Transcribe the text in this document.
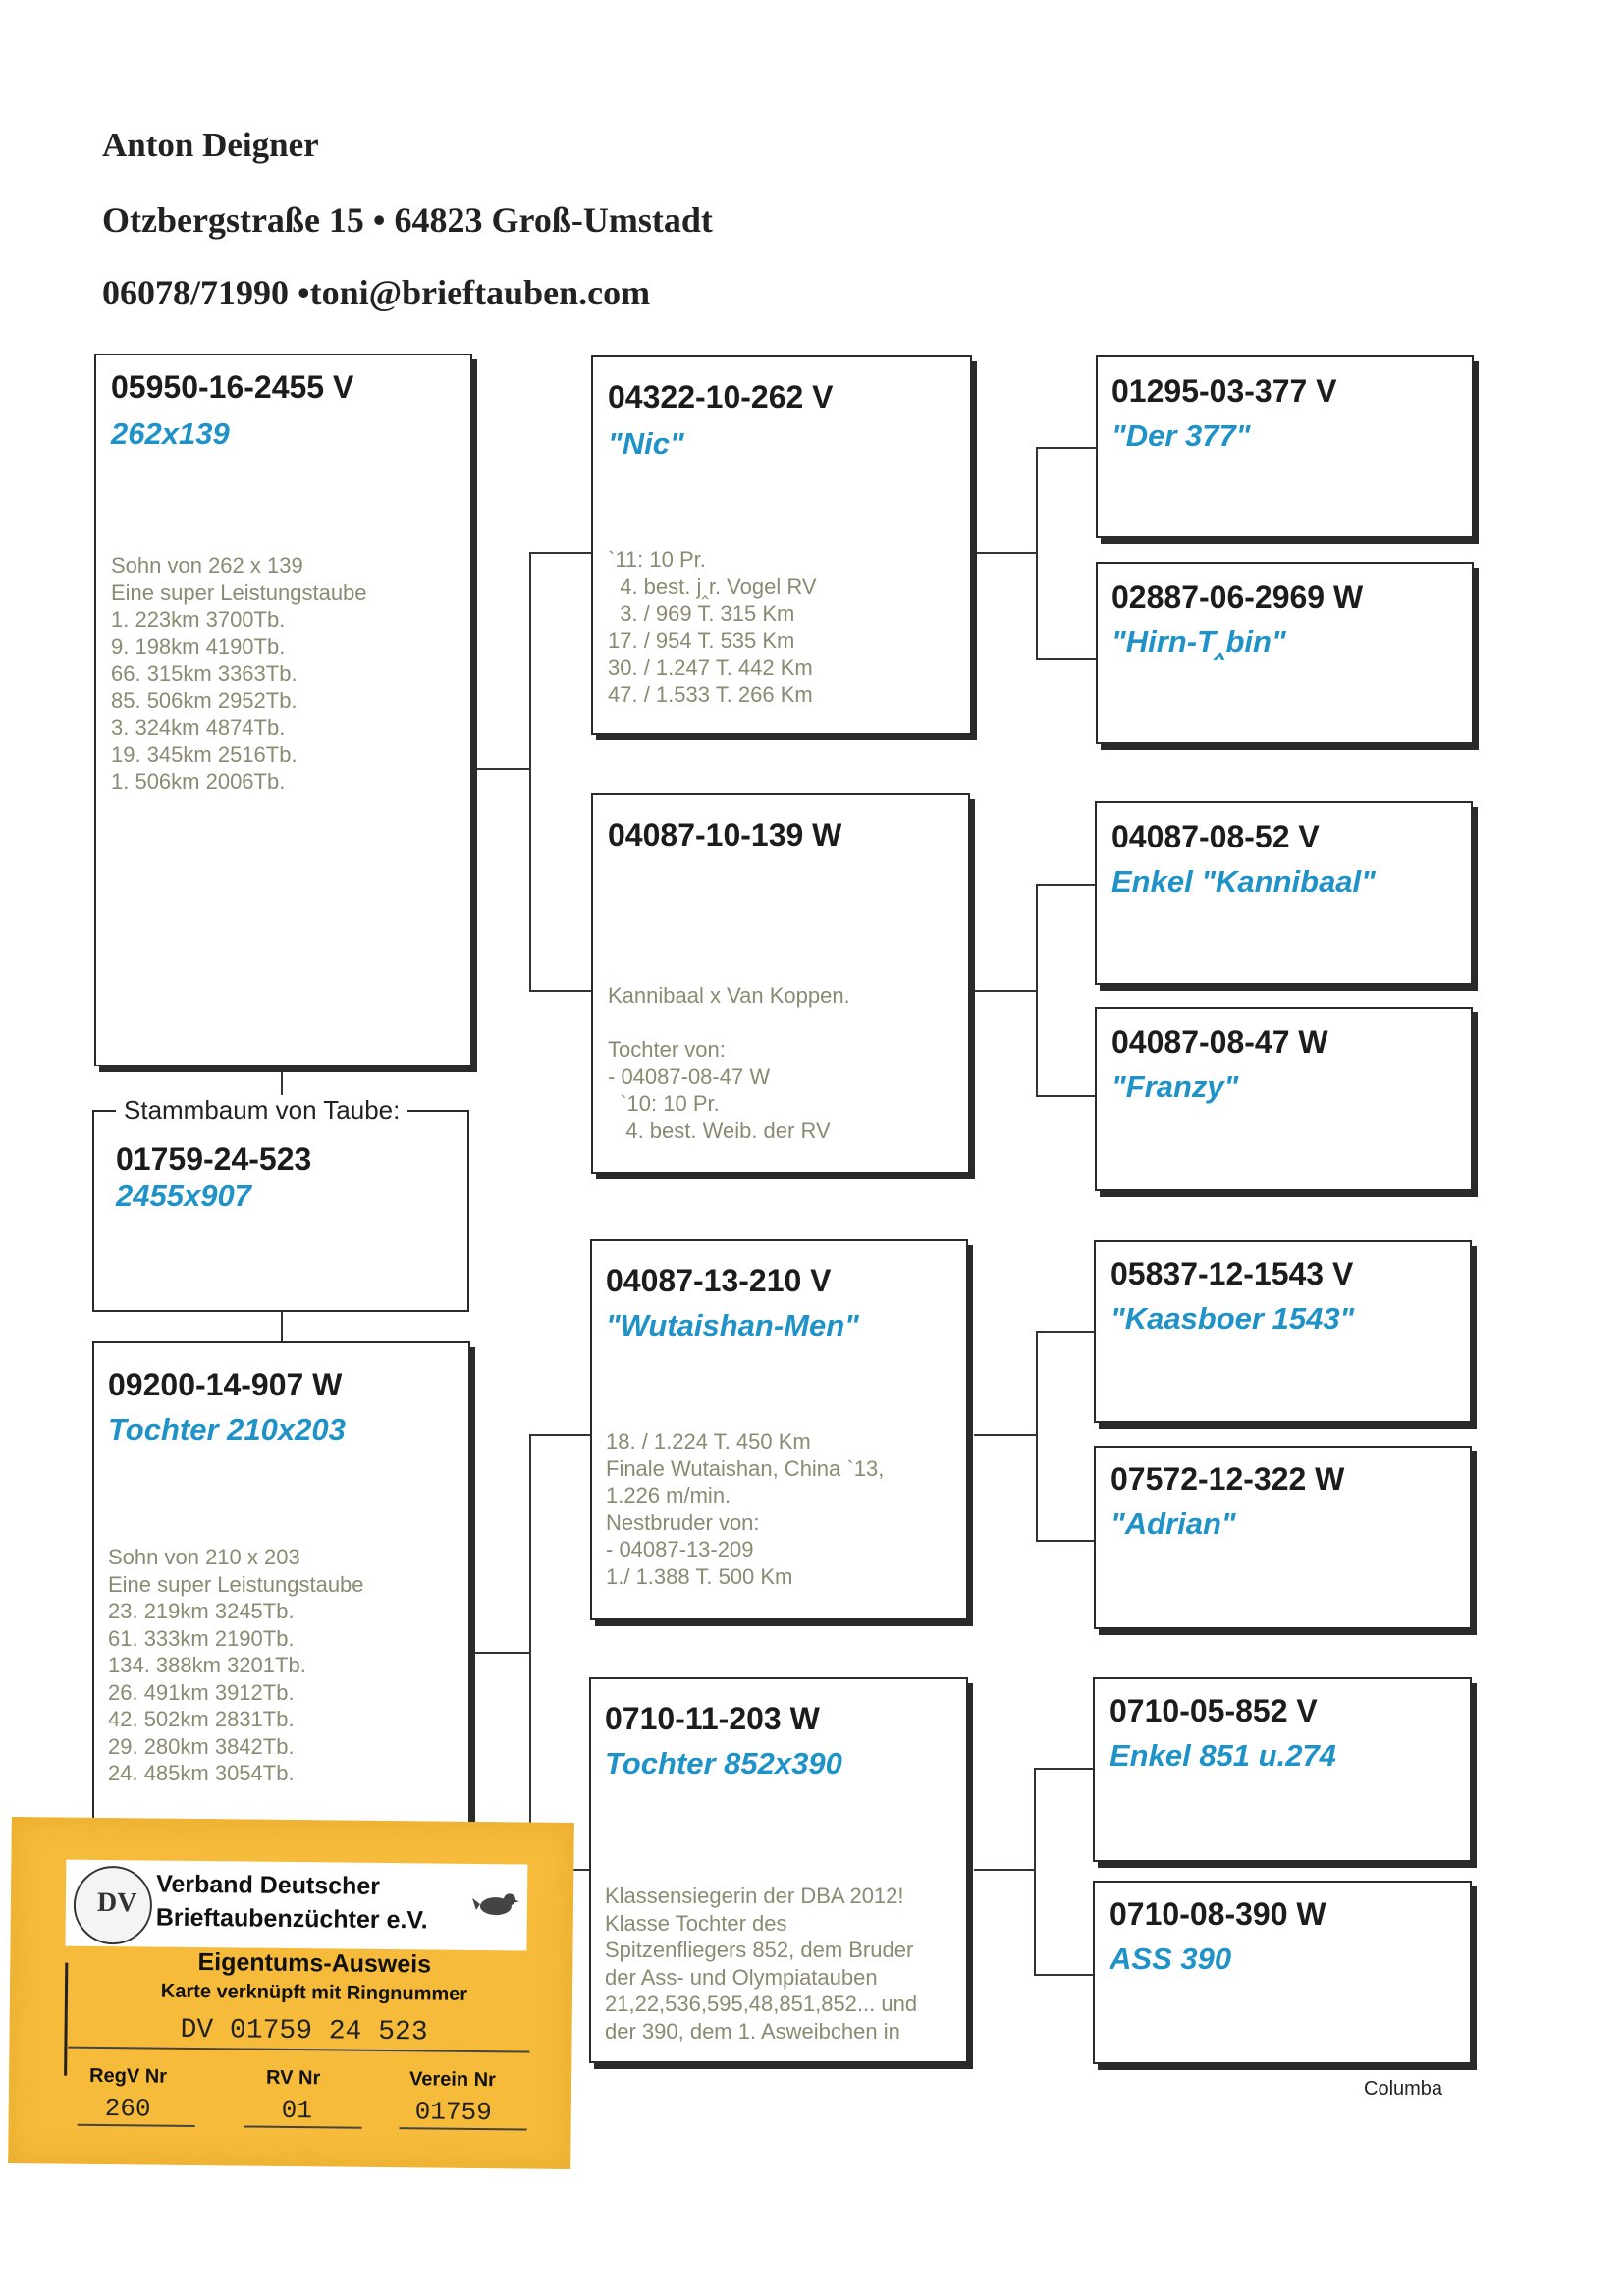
Anton Deigner
Otzbergstraße 15 • 64823 Groß-Umstadt
06078/71990 •toni@brieftauben.com
05950-16-2455 V
262x139
Sohn von 262 x 139
Eine super Leistungstaube
1. 223km 3700Tb.
9. 198km 4190Tb.
66. 315km 3363Tb.
85. 506km 2952Tb.
3. 324km 4874Tb.
19. 345km 2516Tb.
1. 506km 2006Tb.
01759-24-523
2455x907
Stammbaum von Taube:
09200-14-907 W
Tochter 210x203
Sohn von 210 x 203
Eine super Leistungstaube
23. 219km 3245Tb.
61. 333km 2190Tb.
134. 388km 3201Tb.
26. 491km 3912Tb.
42. 502km 2831Tb.
29. 280km 3842Tb.
24. 485km 3054Tb.
04322-10-262 V
"Nic"
`11: 10 Pr.
4. best. j‸r. Vogel RV
3. / 969 T. 315 Km
17. / 954 T. 535 Km
30. / 1.247 T. 442 Km
47. / 1.533 T. 266 Km
04087-10-139 W
Kannibaal x Van Koppen.

Tochter von:
- 04087-08-47 W
`10: 10 Pr.
4. best. Weib. der RV
04087-13-210 V
"Wutaishan-Men"
18. / 1.224 T. 450 Km
Finale Wutaishan, China `13,
1.226 m/min.
Nestbruder von:
- 04087-13-209
1./ 1.388 T. 500 Km
0710-11-203 W
Tochter 852x390
Klassensiegerin der DBA 2012!
Klasse Tochter des
Spitzenfliegers 852, dem Bruder
der Ass- und Olympiatauben
21,22,536,595,48,851,852... und
der 390, dem 1. Asweibchen in
01295-03-377 V
"Der 377"
02887-06-2969 W
"Hirn-T‸bin"
04087-08-52 V
Enkel "Kannibaal"
04087-08-47 W
"Franzy"
05837-12-1543 V
"Kaasboer 1543"
07572-12-322 W
"Adrian"
0710-05-852 V
Enkel 851 u.274
0710-08-390 W
ASS 390
Columba
DV
Verband Deutscher
Brieftaubenzüchter e.V.
Eigentums-Ausweis
Karte verknüpft mit Ringnummer
DV 01759 24 523
RegV Nr
260
RV Nr
01
Verein Nr
01759
